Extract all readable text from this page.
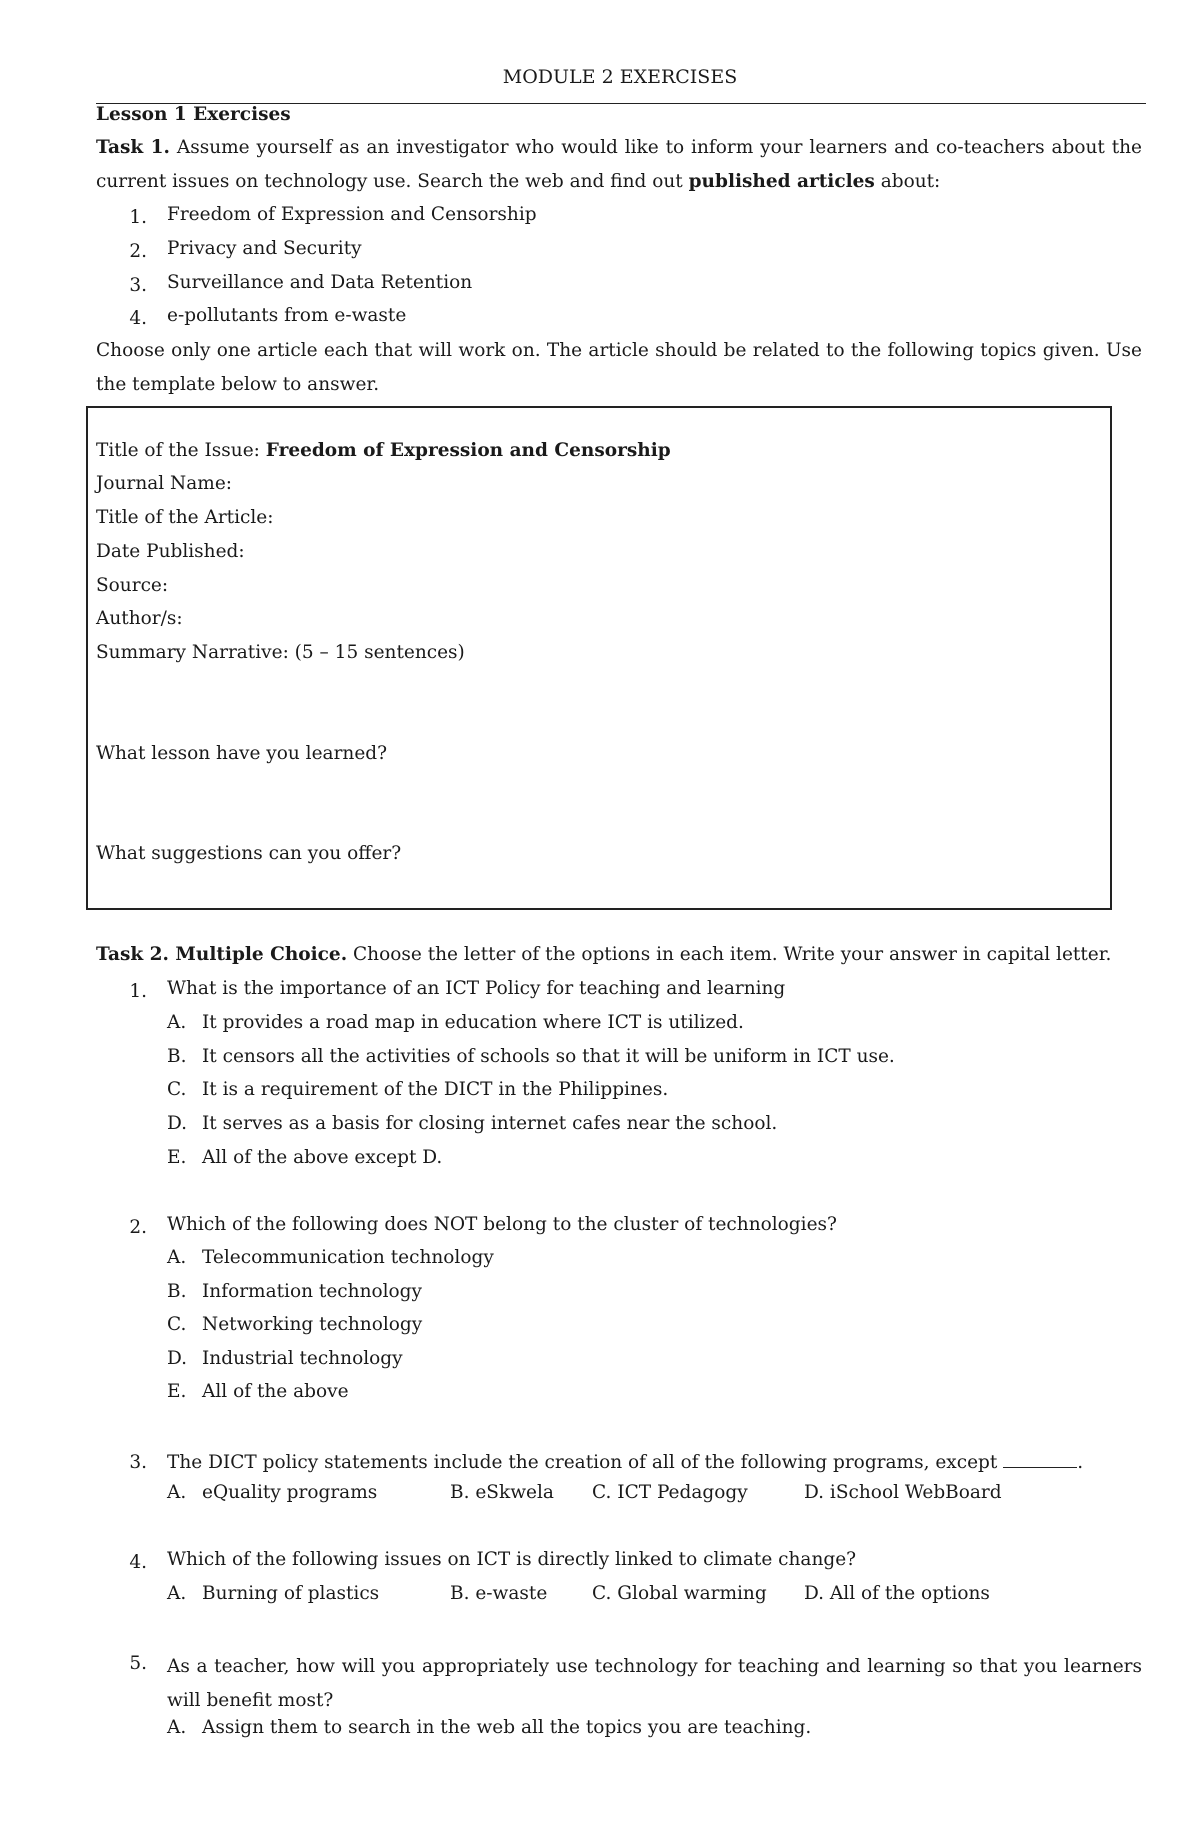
MODULE 2 EXERCISES
Lesson 1 Exercises
Task 1. Assume yourself as an investigator who would like to inform your learners and co-teachers about the current issues on technology use. Search the web and find out published articles about:
1. Freedom of Expression and Censorship
2. Privacy and Security
3. Surveillance and Data Retention
4. e-pollutants from e-waste
Choose only one article each that will work on. The article should be related to the following topics given. Use the template below to answer.
Title of the Issue: Freedom of Expression and Censorship
Journal Name:
Title of the Article:
Date Published:
Source:
Author/s:
Summary Narrative: (5 – 15 sentences)
What lesson have you learned?
What suggestions can you offer?
Task 2. Multiple Choice. Choose the letter of the options in each item. Write your answer in capital letter.
1. What is the importance of an ICT Policy for teaching and learning
A. It provides a road map in education where ICT is utilized.
B. It censors all the activities of schools so that it will be uniform in ICT use.
C. It is a requirement of the DICT in the Philippines.
D. It serves as a basis for closing internet cafes near the school.
E. All of the above except D.
2. Which of the following does NOT belong to the cluster of technologies?
A. Telecommunication technology
B. Information technology
C. Networking technology
D. Industrial technology
E. All of the above
3. The DICT policy statements include the creation of all of the following programs, except	.
A. eQuality programs	B. eSkwela C. ICT Pedagogy	D. iSchool WebBoard
4. Which of the following issues on ICT is directly linked to climate change?
A. Burning of plastics	B. e-waste C. Global warming D. All of the options
5. As a teacher, how will you appropriately use technology for teaching and learning so that you learners will benefit most?
A. Assign them to search in the web all the topics you are teaching.
